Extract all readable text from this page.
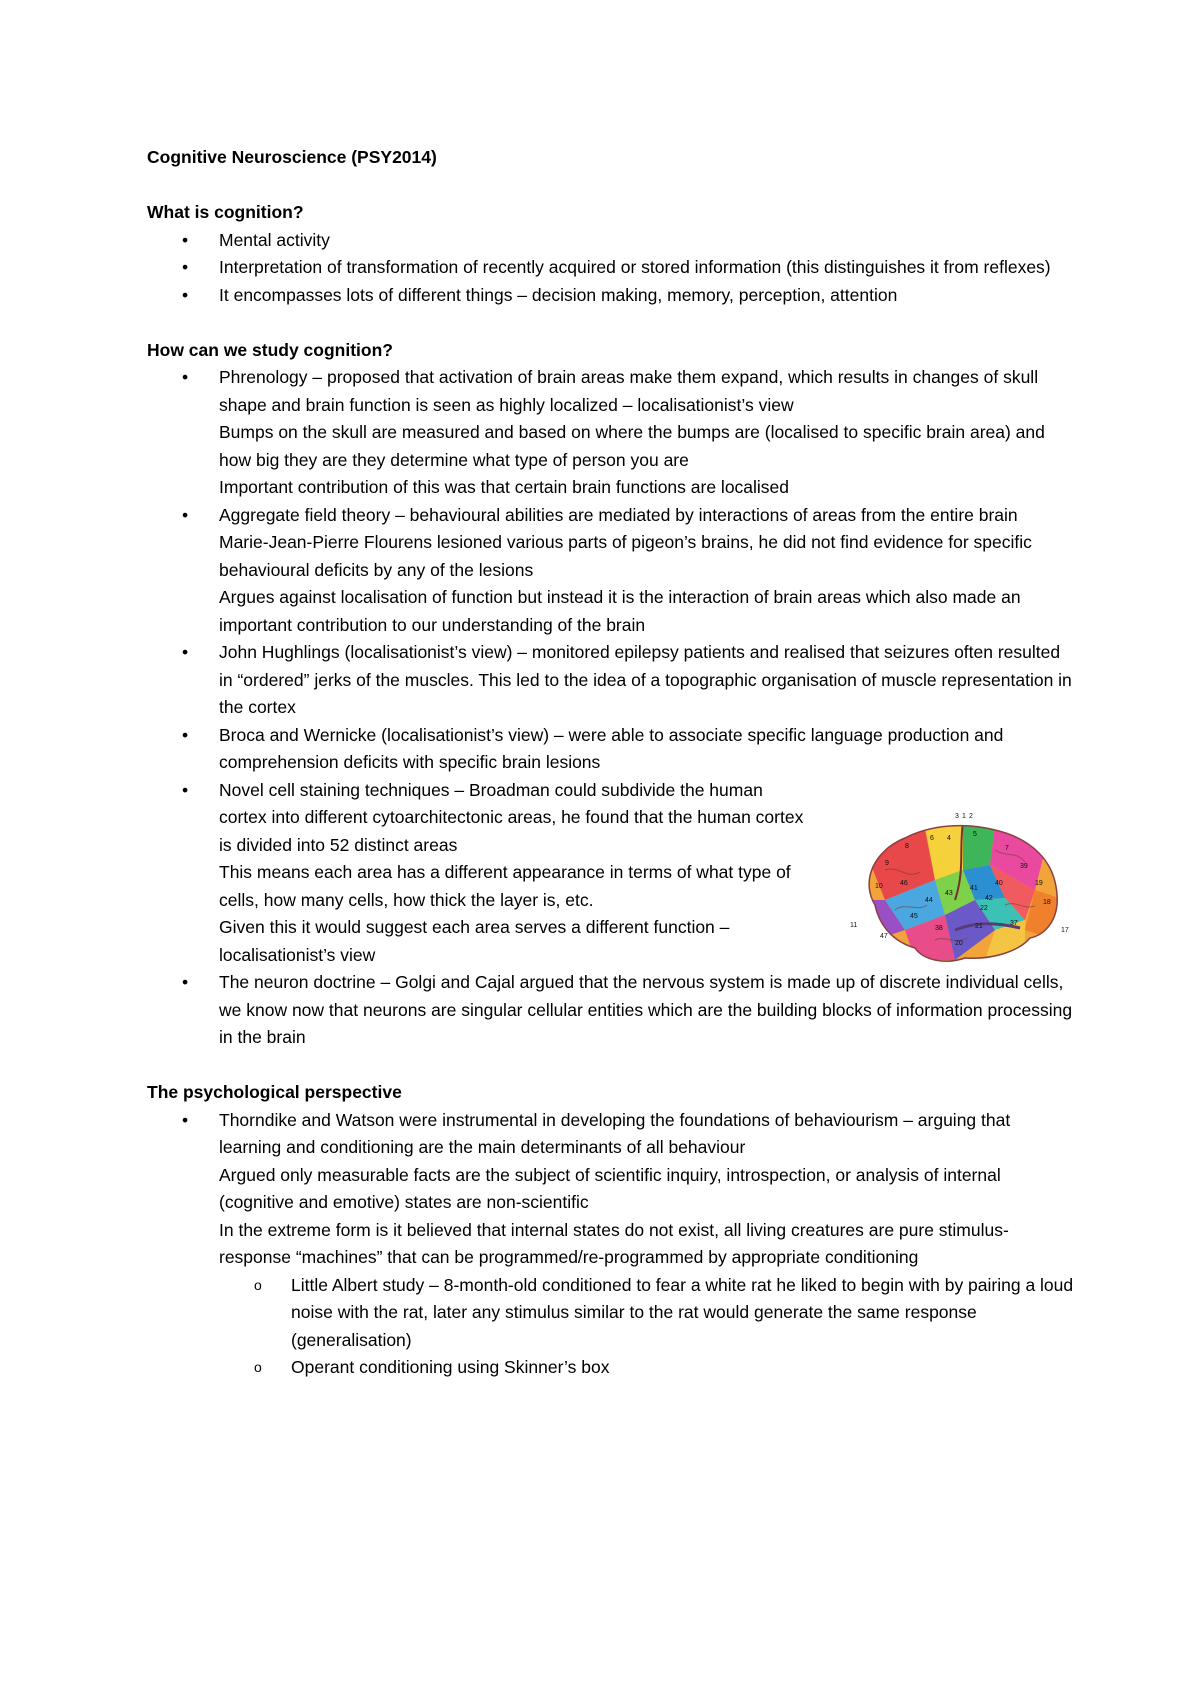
Cognitive Neuroscience (PSY2014)

What is cognition?
• Mental activity

• Interpretation of transformation of recently acquired or stored information (this distinguishes it from reflexes)

• It encompasses lots of different things – decision making, memory, perception, attention

How can we study cognition?
• Phrenology – proposed that activation of brain areas make them expand, which results in changes of skull shape and brain function is seen as highly localized – localisationist’s view

Bumps on the skull are measured and based on where the bumps are (localised to specific brain area) and how big they are they determine what type of person you are

Important contribution of this was that certain brain functions are localised

• Aggregate field theory – behavioural abilities are mediated by interactions of areas from the entire brain

Marie-Jean-Pierre Flourens lesioned various parts of pigeon’s brains, he did not find evidence for specific behavioural deficits by any of the lesions

Argues against localisation of function but instead it is the interaction of brain areas which also made an important contribution to our understanding of the brain

• John Hughlings (localisationist’s view) – monitored epilepsy patients and realised that seizures often resulted in “ordered” jerks of the muscles. This led to the idea of a topographic organisation of muscle representation in the cortex

• Broca and Wernicke (localisationist’s view) – were able to associate specific language production and comprehension deficits with specific brain lesions

• Novel cell staining techniques – Broadman could subdivide the human cortex into different cytoarchitectonic areas, he found that the human cortex is divided into 52 distinct areas

This means each area has a different appearance in terms of what type of cells, how many cells, how thick the layer is, etc.

Given this it would suggest each area serves a different function – localisationist’s view

• The neuron doctrine – Golgi and Cajal argued that the nervous system is made up of discrete individual cells, we know now that neurons are singular cellular entities which are the building blocks of information processing in the brain

The psychological perspective
• Thorndike and Watson were instrumental in developing the foundations of behaviourism – arguing that learning and conditioning are the main determinants of all behaviour

Argued only measurable facts are the subject of scientific inquiry, introspection, or analysis of internal (cognitive and emotive) states are non-scientific

In the extreme form is it believed that internal states do not exist, all living creatures are pure stimulus-response “machines” that can be programmed/re-programmed by appropriate conditioning

o Little Albert study – 8-month-old conditioned to fear a white rat he liked to begin with by pairing a loud noise with the rat, later any stimulus similar to the rat would generate the same response (generalisation)

o Operant conditioning using Skinner’s box

3 1 2
4
5
6
7
8
9
10
11
17
18
19
20
21
22
37
38
39
40
41
42
43
44
45
46
47
